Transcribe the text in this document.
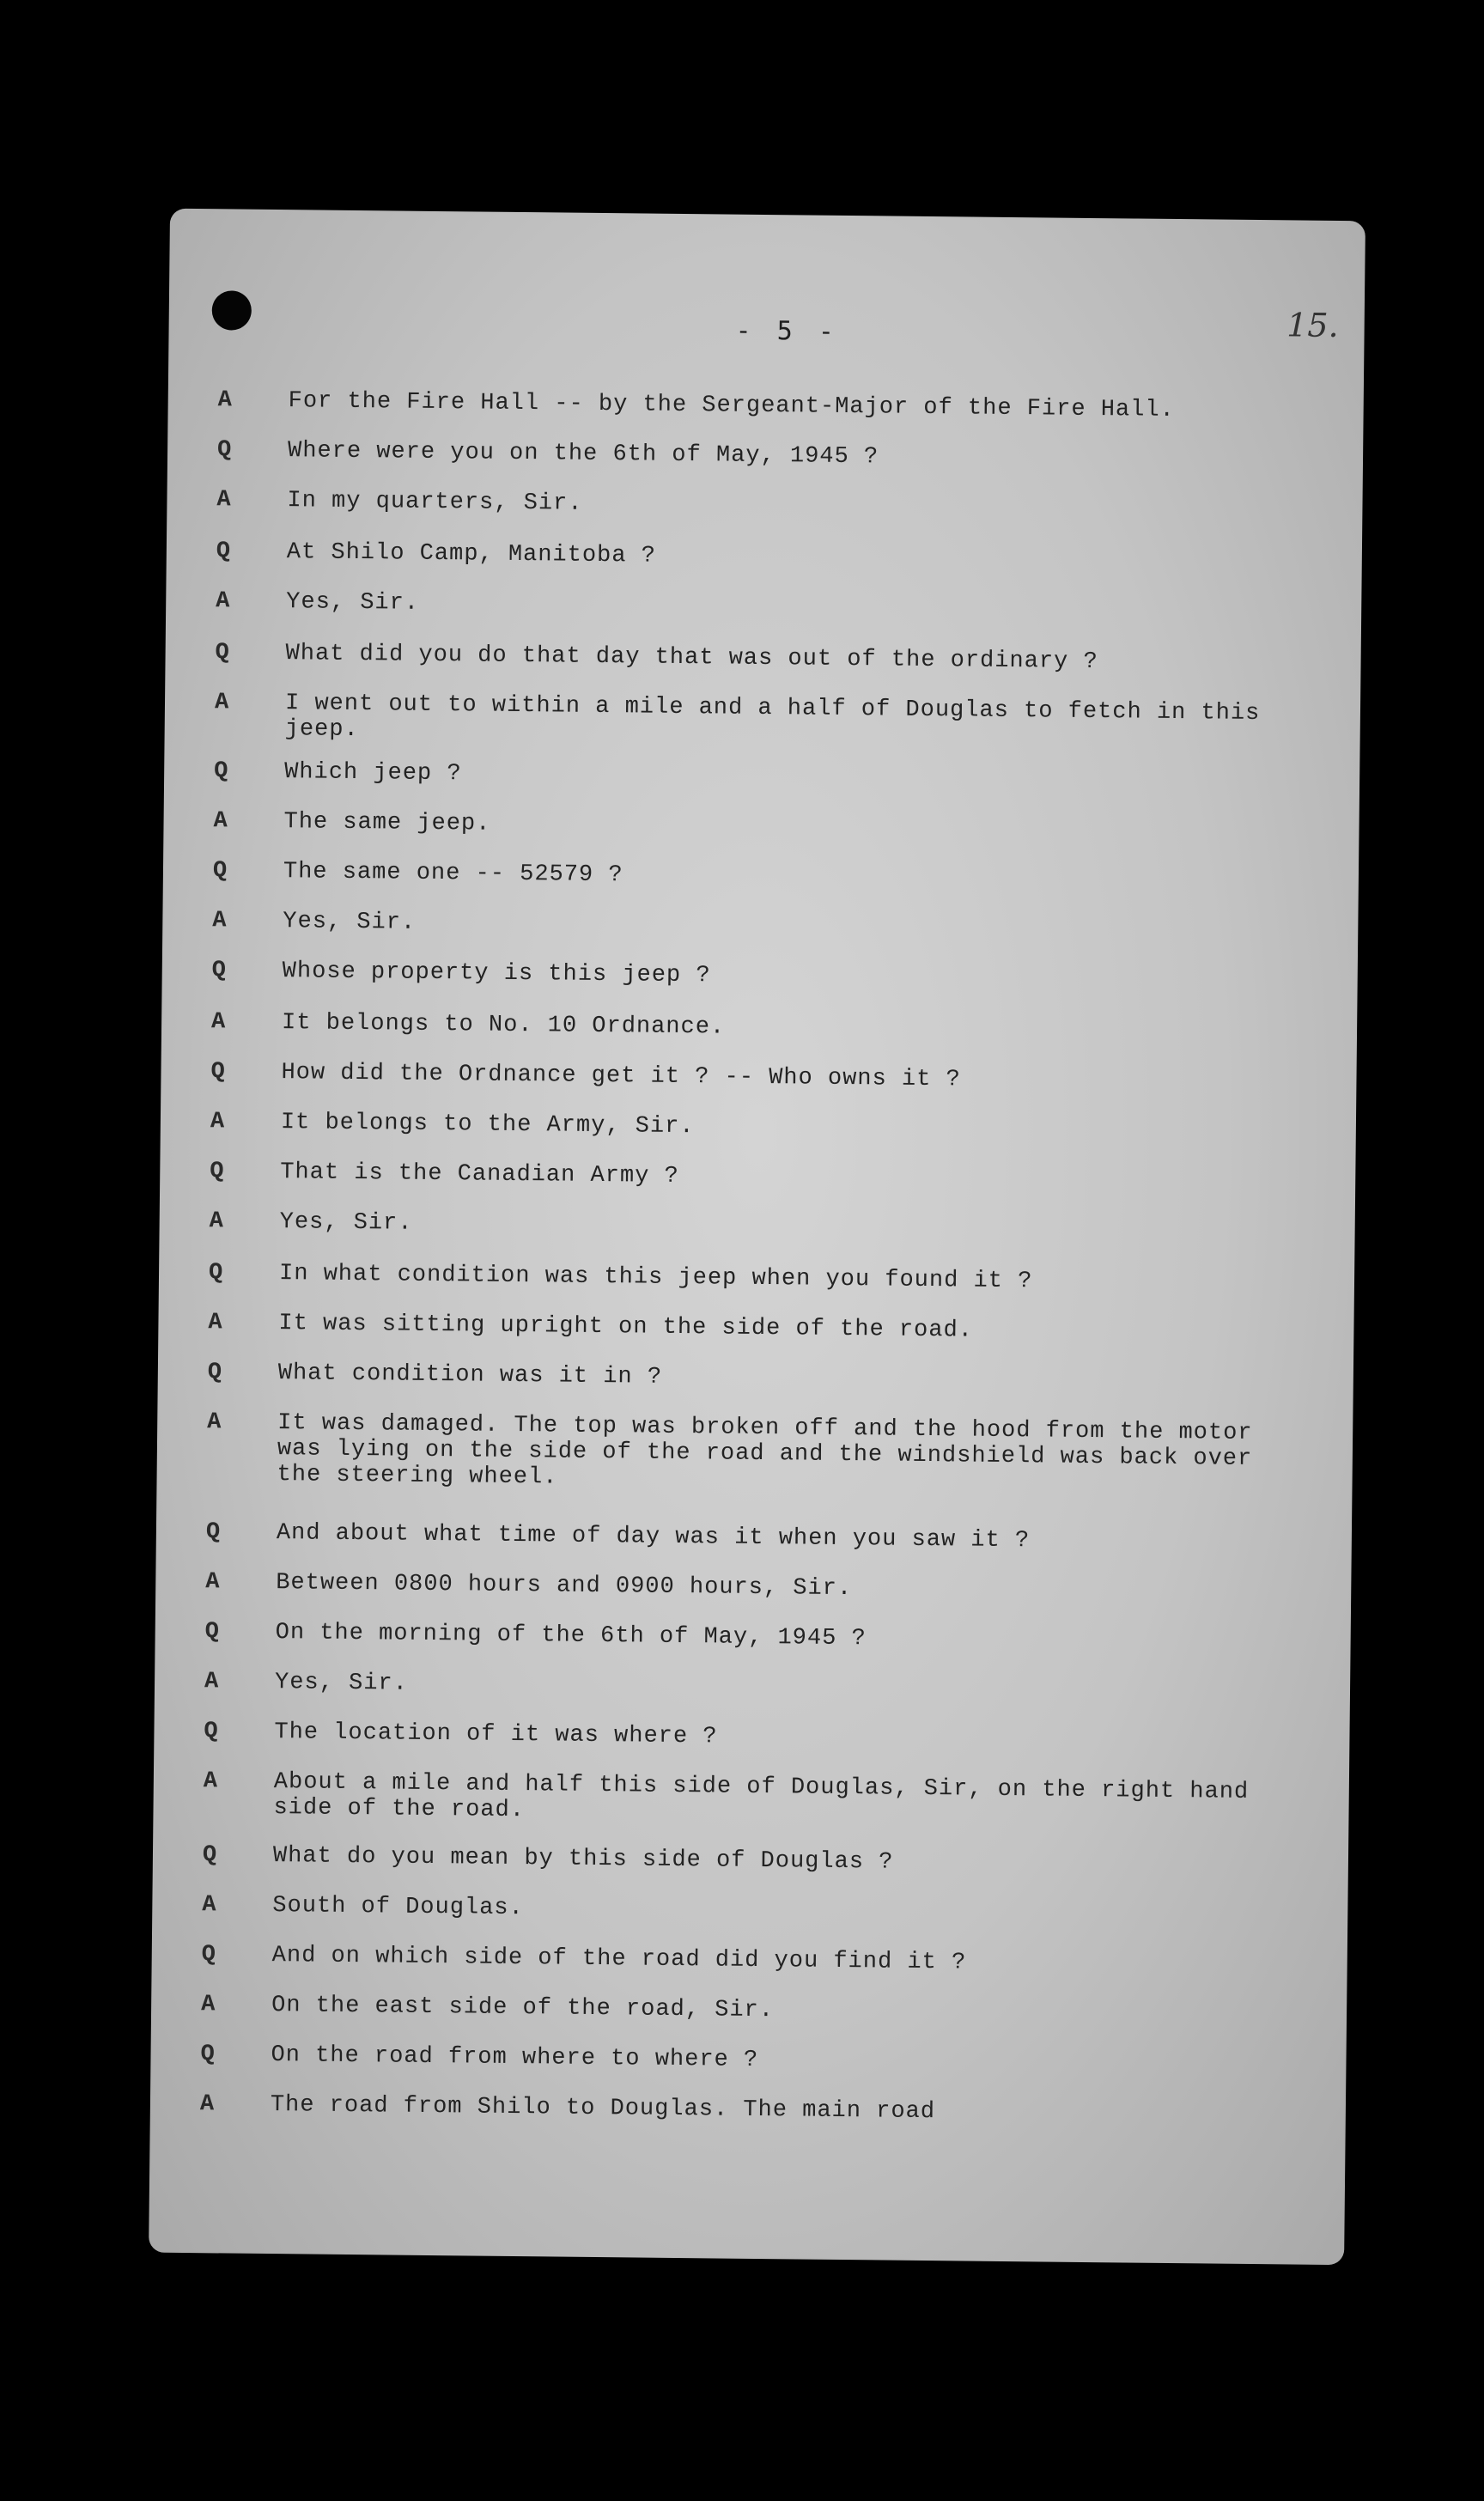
- 5 -	15.
A	For the Fire Hall -- by the Sergeant-Major of the Fire Hall.
Q	Where were you on the 6th of May, 1945 ?
A	In my quarters, Sir.
Q	At Shilo Camp, Manitoba ?
A	Yes, Sir.
Q	What did you do that day that was out of the ordinary ?
A	I went out to within a mile and a half of Douglas to fetch in this
jeep.
Q	Which jeep ?
A	The same jeep.
Q	The same one -- 52579 ?
A	Yes, Sir.
Q	Whose property is this jeep ?
A	It belongs to No. 10 Ordnance.
Q	How did the Ordnance get it ? -- Who owns it ?
A	It belongs to the Army, Sir.
Q	That is the Canadian Army ?
A	Yes, Sir.
Q	In what condition was this jeep when you found it ?
A	It was sitting upright on the side of the road.
Q	What condition was it in ?
A	It was damaged. The top was broken off and the hood from the motor
was lying on the side of the road and the windshield was back over
the steering wheel.
Q	And about what time of day was it when you saw it ?
A	Between 0800 hours and 0900 hours, Sir.
Q	On the morning of the 6th of May, 1945 ?
A	Yes, Sir.
Q	The location of it was where ?
A	About a mile and half this side of Douglas, Sir, on the right hand
side of the road.
Q	What do you mean by this side of Douglas ?
A	South of Douglas.
Q	And on which side of the road did you find it ?
A	On the east side of the road, Sir.
Q	On the road from where to where ?
A	The road from Shilo to Douglas. The main road
